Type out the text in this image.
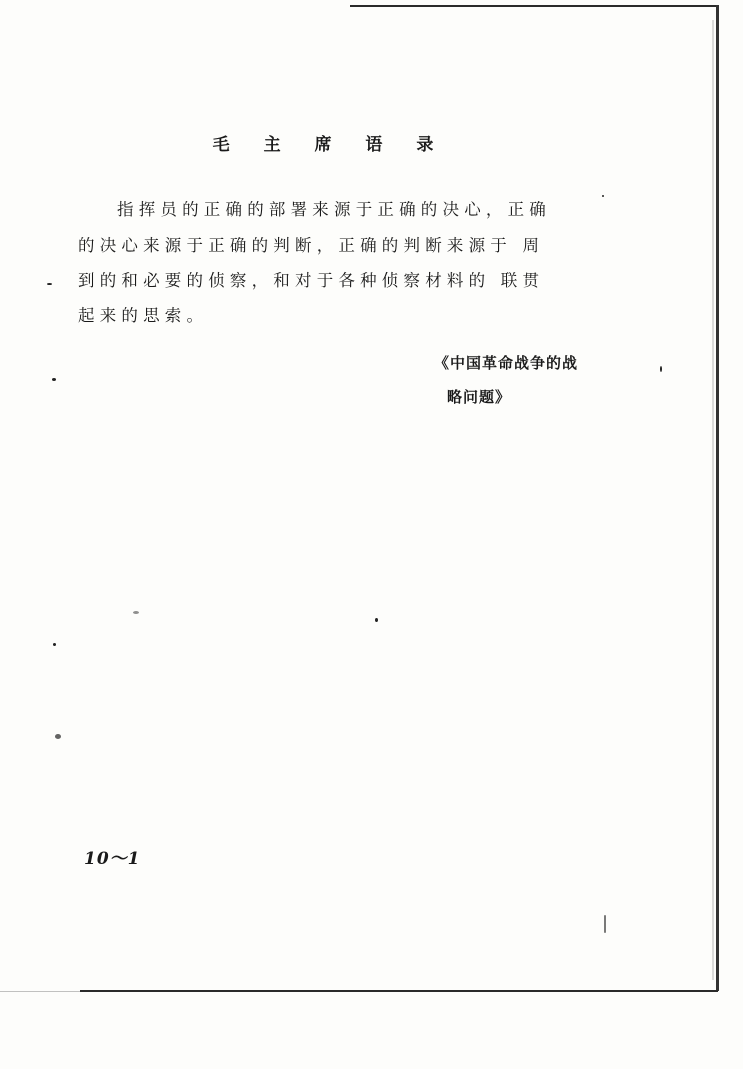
毛 主 席 语 录
指挥员的正确的部署来源于正确的决心，正确
的决心来源于正确的判断，正确的判断来源于 周
到的和必要的侦察，和对于各种侦察材料的 联贯
起来的思索。
《中国革命战争的战
略问题》
10～1
